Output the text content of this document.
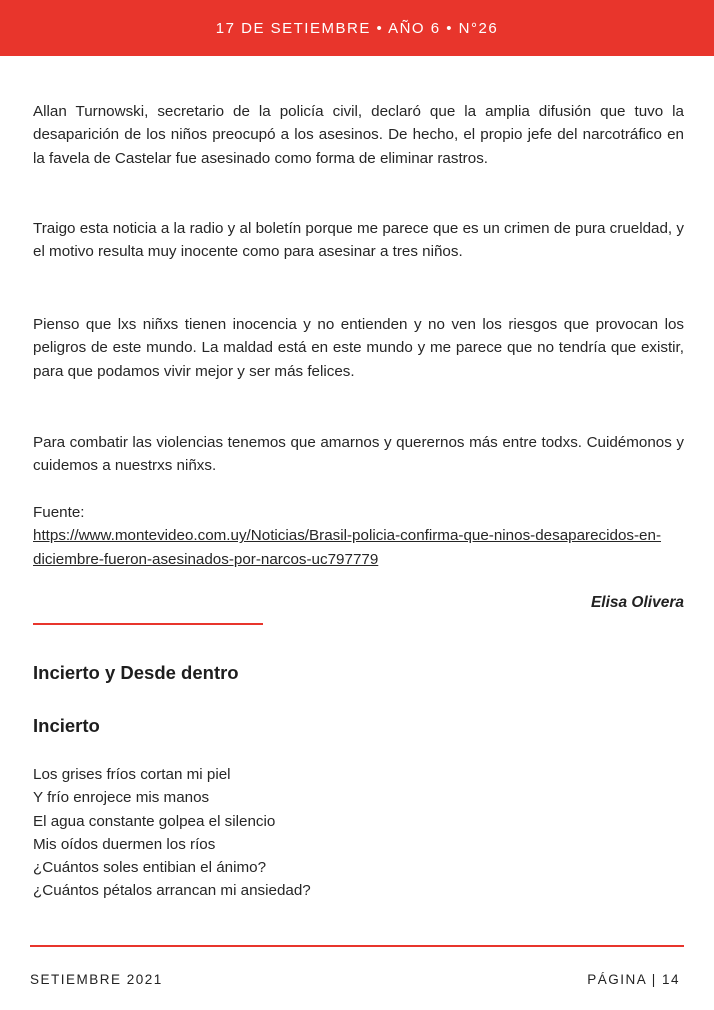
17 DE SETIEMBRE • AÑO 6 • N°26

Allan Turnowski, secretario de la policía civil, declaró que la amplia difusión que tuvo la desaparición de los niños preocupó a los asesinos. De hecho, el propio jefe del narcotráfico en la favela de Castelar fue asesinado como forma de eliminar rastros.

Traigo esta noticia a la radio y al boletín porque me parece que es un crimen de pura crueldad, y el motivo resulta muy inocente como para asesinar a tres niños.

Pienso que lxs niñxs tienen inocencia y no entienden y no ven los riesgos que provocan los peligros de este mundo. La maldad está en este mundo y me parece que no tendría que existir, para que podamos vivir mejor y ser más felices.

Para combatir las violencias tenemos que amarnos y querernos más entre todxs. Cuidémonos y cuidemos a nuestrxs niñxs.

Fuente:
https://www.montevideo.com.uy/Noticias/Brasil-policia-confirma-que-ninos-desaparecidos-en-diciembre-fueron-asesinados-por-narcos-uc797779
Elisa Olivera
Incierto y Desde dentro
Incierto
Los grises fríos cortan mi piel
Y frío enrojece mis manos
El agua constante golpea el silencio
Mis oídos duermen los ríos
¿Cuántos soles entibian el ánimo?
¿Cuántos pétalos arrancan mi ansiedad?
SETIEMBRE 2021	PÁGINA | 14
